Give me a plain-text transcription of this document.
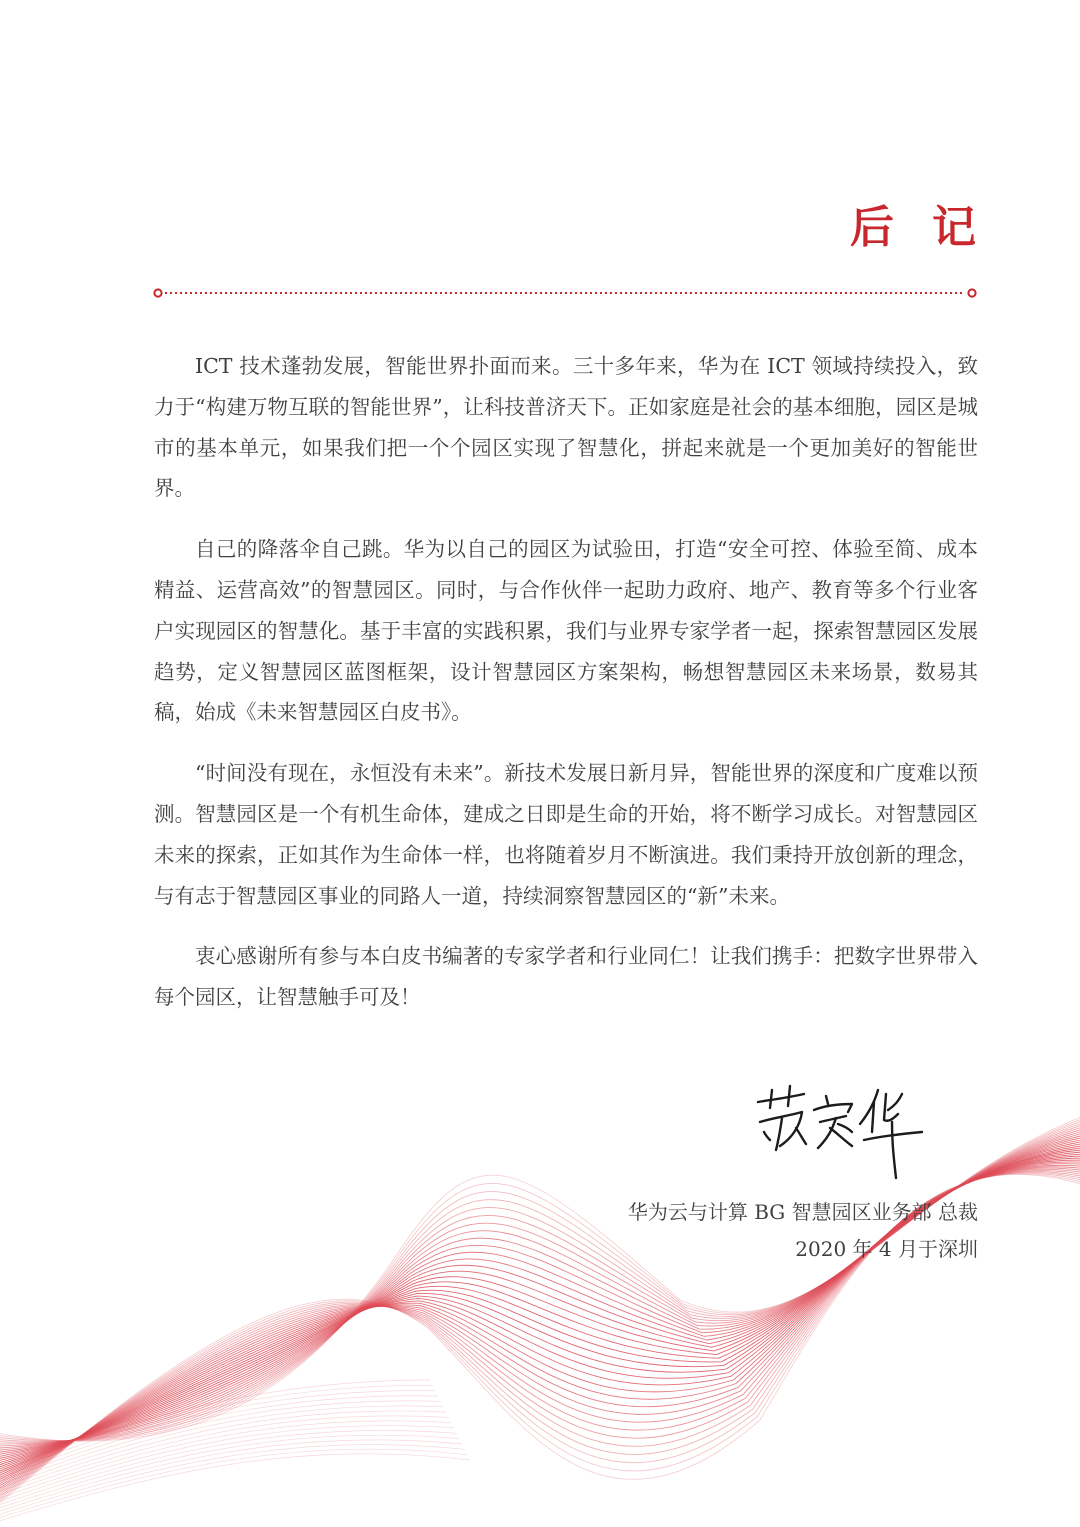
后记

ICT 技术蓬勃发展，智能世界扑面而来。三十多年来，华为在 ICT 领域持续投入，致力于“构建万物互联的智能世界”，让科技普济天下。正如家庭是社会的基本细胞，园区是城市的基本单元，如果我们把一个个园区实现了智慧化，拼起来就是一个更加美好的智能世界。

自己的降落伞自己跳。华为以自己的园区为试验田，打造“安全可控、体验至简、成本精益、运营高效”的智慧园区。同时，与合作伙伴一起助力政府、地产、教育等多个行业客户实现园区的智慧化。基于丰富的实践积累，我们与业界专家学者一起，探索智慧园区发展趋势，定义智慧园区蓝图框架，设计智慧园区方案架构，畅想智慧园区未来场景，数易其稿，始成《未来智慧园区白皮书》。

“时间没有现在，永恒没有未来”。新技术发展日新月异，智能世界的深度和广度难以预测。智慧园区是一个有机生命体，建成之日即是生命的开始，将不断学习成长。对智慧园区未来的探索，正如其作为生命体一样，也将随着岁月不断演进。我们秉持开放创新的理念，与有志于智慧园区事业的同路人一道，持续洞察智慧园区的“新”未来。

衷心感谢所有参与本白皮书编著的专家学者和行业同仁！让我们携手：把数字世界带入每个园区，让智慧触手可及！

华为云与计算 BG 智慧园区业务部 总裁
2020 年 4 月于深圳
